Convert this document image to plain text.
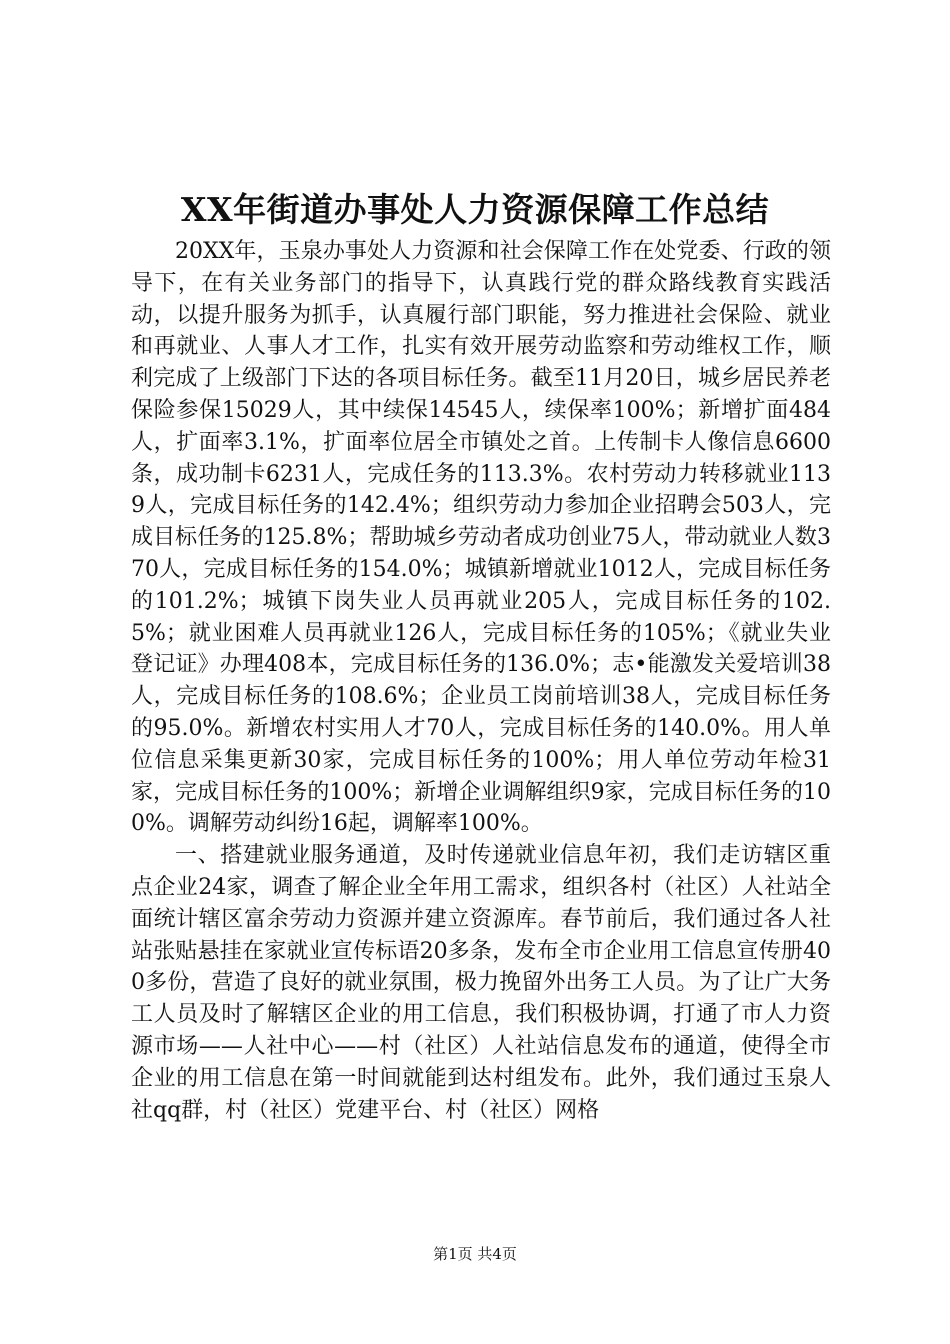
XX年街道办事处人力资源保障工作总结

20XX年，玉泉办事处人力资源和社会保障工作在处党委、行政的领导下，在有关业务部门的指导下，认真践行党的群众路线教育实践活动，以提升服务为抓手，认真履行部门职能，努力推进社会保险、就业和再就业、人事人才工作，扎实有效开展劳动监察和劳动维权工作，顺利完成了上级部门下达的各项目标任务。截至11月20日，城乡居民养老保险参保15029人，其中续保14545人，续保率100%；新增扩面484人，扩面率3.1%，扩面率位居全市镇处之首。上传制卡人像信息6600条，成功制卡6231人，完成任务的113.3%。农村劳动力转移就业1139人，完成目标任务的142.4%；组织劳动力参加企业招聘会503人，完成目标任务的125.8%；帮助城乡劳动者成功创业75人，带动就业人数370人，完成目标任务的154.0%；城镇新增就业1012人，完成目标任务的101.2%；城镇下岗失业人员再就业205人，完成目标任务的102.5%；就业困难人员再就业126人，完成目标任务的105%；《就业失业登记证》办理408本，完成目标任务的136.0%；志•能激发关爱培训38人，完成目标任务的108.6%；企业员工岗前培训38人，完成目标任务的95.0%。新增农村实用人才70人，完成目标任务的140.0%。用人单位信息采集更新30家，完成目标任务的100%；用人单位劳动年检31家，完成目标任务的100%；新增企业调解组织9家，完成目标任务的100%。调解劳动纠纷16起，调解率100%。

一、搭建就业服务通道，及时传递就业信息年初，我们走访辖区重点企业24家，调查了解企业全年用工需求，组织各村（社区）人社站全面统计辖区富余劳动力资源并建立资源库。春节前后，我们通过各人社站张贴悬挂在家就业宣传标语20多条，发布全市企业用工信息宣传册400多份，营造了良好的就业氛围，极力挽留外出务工人员。为了让广大务工人员及时了解辖区企业的用工信息，我们积极协调，打通了市人力资源市场——人社中心——村（社区）人社站信息发布的通道，使得全市企业的用工信息在第一时间就能到达村组发布。此外，我们通过玉泉人社qq群，村（社区）党建平台、村（社区）网格

第1页 共4页
